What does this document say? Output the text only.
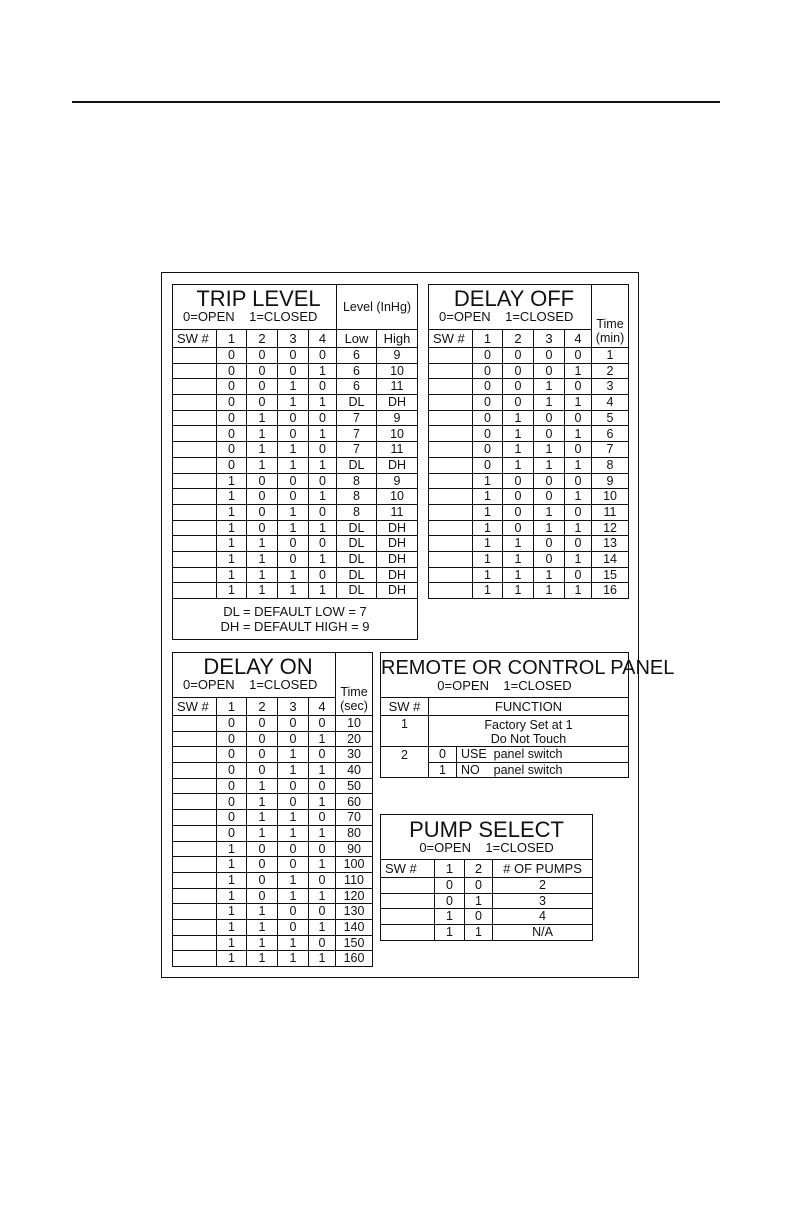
TRIP LEVEL
0=OPEN    1=CLOSED					Level (InHg)	
SW #	1	2	3	4	Low	High
	0	0	0	0	6	9
	0	0	0	1	6	10
	0	0	1	0	6	11
	0	0	1	1	DL	DH
	0	1	0	0	7	9
	0	1	0	1	7	10
	0	1	1	0	7	11
	0	1	1	1	DL	DH
	1	0	0	0	8	9
	1	0	0	1	8	10
	1	0	1	0	8	11
	1	0	1	1	DL	DH
	1	1	0	0	DL	DH
	1	1	0	1	DL	DH
	1	1	1	0	DL	DH
	1	1	1	1	DL	DH

DL = DEFAULT LOW = 7
DH = DEFAULT HIGH = 9						
DELAY OFF
0=OPEN    1=CLOSED					Time
(min)
SW #	1	2	3	4	
	0	0	0	0	1
	0	0	0	1	2
	0	0	1	0	3
	0	0	1	1	4
	0	1	0	0	5
	0	1	0	1	6
	0	1	1	0	7
	0	1	1	1	8
	1	0	0	0	9
	1	0	0	1	10
	1	0	1	0	11
	1	0	1	1	12
	1	1	0	0	13
	1	1	0	1	14
	1	1	1	0	15
	1	1	1	1	16
DELAY ON
0=OPEN    1=CLOSED					Time
(sec)
SW #	1	2	3	4	
	0	0	0	0	10
	0	0	0	1	20
	0	0	1	0	30
	0	0	1	1	40
	0	1	0	0	50
	0	1	0	1	60
	0	1	1	0	70
	0	1	1	1	80
	1	0	0	0	90
	1	0	0	1	100
	1	0	1	0	110
	1	0	1	1	120
	1	1	0	0	130
	1	1	0	1	140
	1	1	1	0	150
	1	1	1	1	160
REMOTE OR CONTROL PANEL
0=OPEN    1=CLOSED		

SW #	FUNCTION	
1	Factory Set at 1
Do Not Touch	

2	0	USE  panel switch
	1	NO    panel switch
PUMP SELECT
0=OPEN    1=CLOSED			

SW #	1	2	# OF PUMPS
	0	0	2
	0	1	3
	1	0	4
	1	1	N/A
